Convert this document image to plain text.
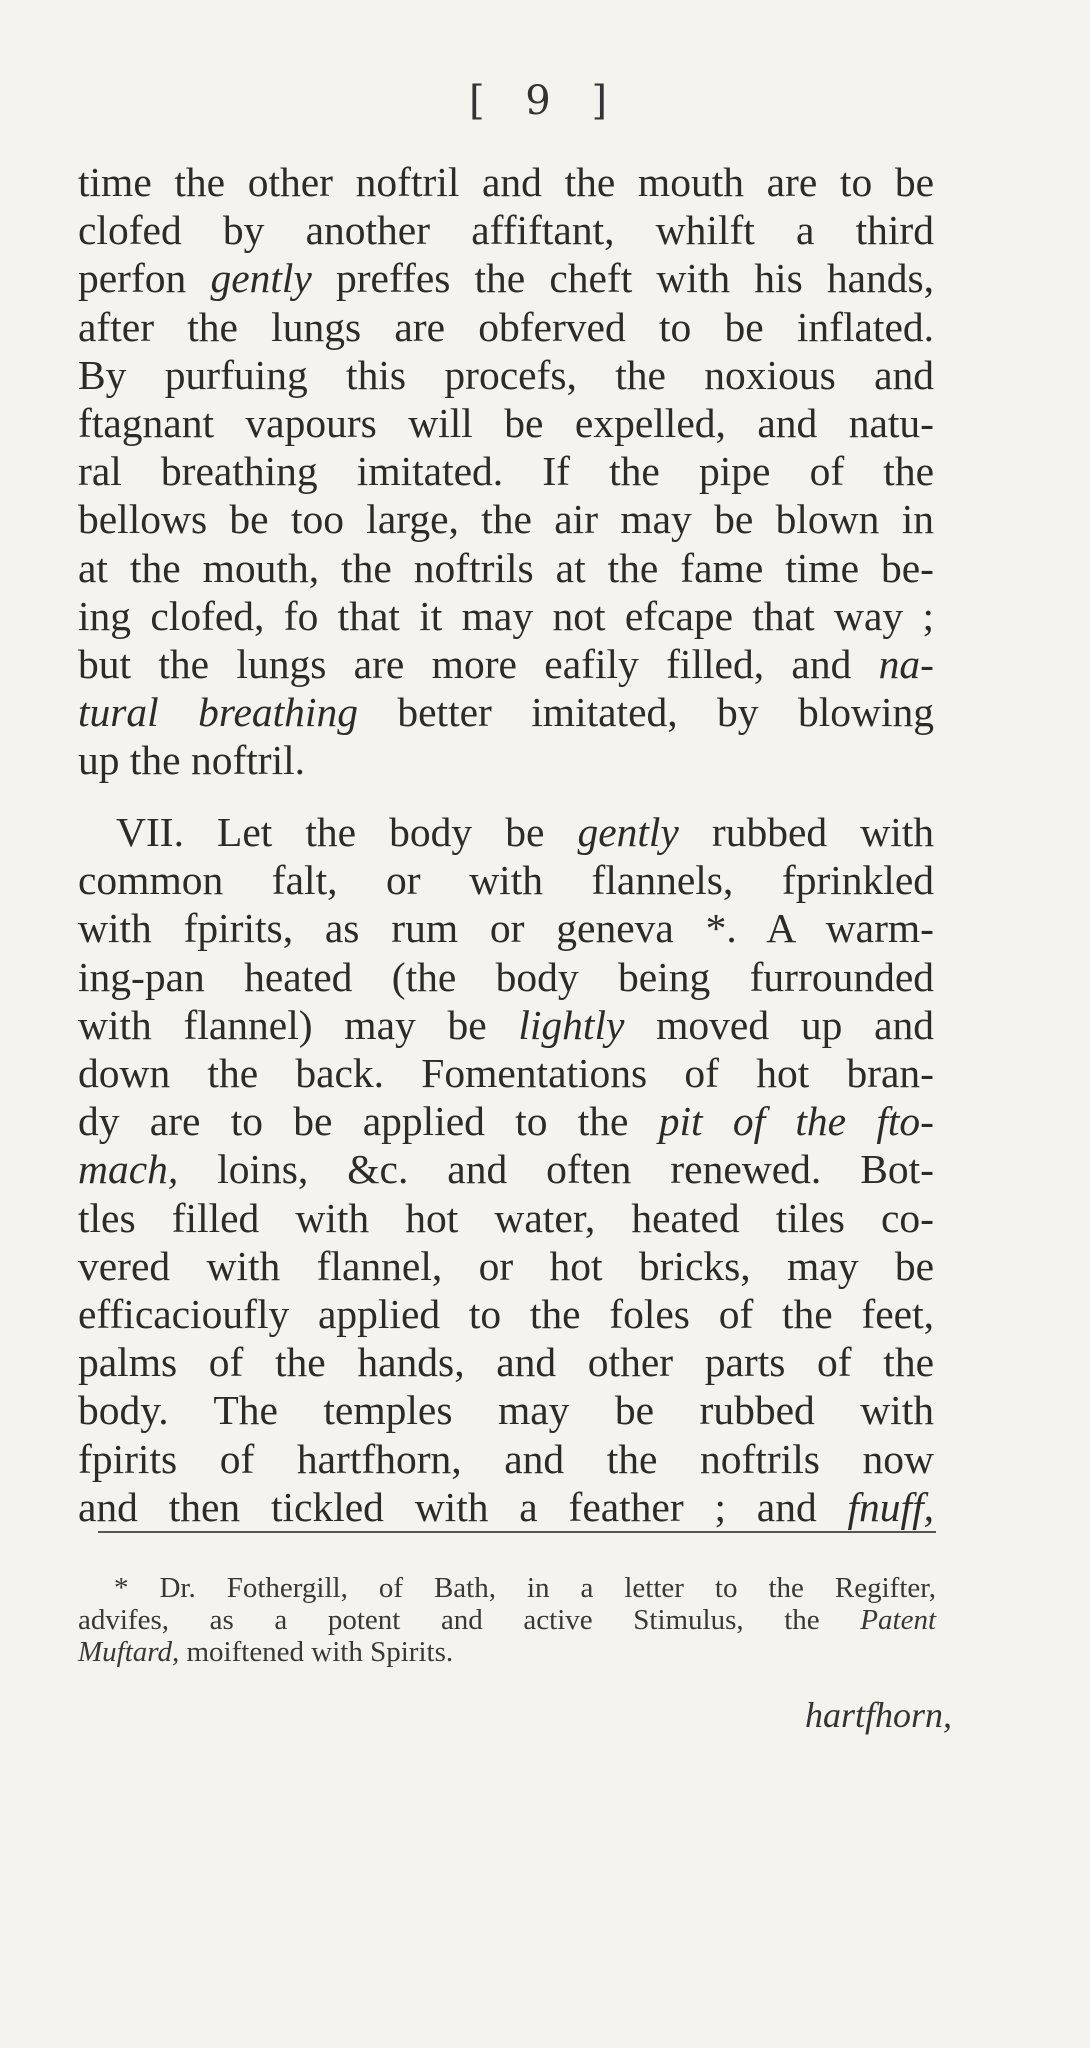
[ 9 ]
time the other noftril and the mouth are to be
clofed by another affiftant, whilft a third
perfon gently preffes the cheft with his hands,
after the lungs are obferved to be inflated.
By purfuing this procefs, the noxious and
ftagnant vapours will be expelled, and natu-
ral breathing imitated. If the pipe of the
bellows be too large, the air may be blown in
at the mouth, the noftrils at the fame time be-
ing clofed, fo that it may not efcape that way ;
but the lungs are more eafily filled, and na-
tural breathing better imitated, by blowing
up the noftril.
VII. Let the body be gently rubbed with
common falt, or with flannels, fprinkled
with fpirits, as rum or geneva *. A warm-
ing-pan heated (the body being furrounded
with flannel) may be lightly moved up and
down the back. Fomentations of hot bran-
dy are to be applied to the pit of the fto-
mach, loins, &c. and often renewed. Bot-
tles filled with hot water, heated tiles co-
vered with flannel, or hot bricks, may be
efficacioufly applied to the foles of the feet,
palms of the hands, and other parts of the
body. The temples may be rubbed with
fpirits of hartfhorn, and the noftrils now
and then tickled with a feather ; and fnuff,
* Dr. Fothergill, of Bath, in a letter to the Regifter,
advifes, as a potent and active Stimulus, the Patent
Muftard, moiftened with Spirits.
hartfhorn,
